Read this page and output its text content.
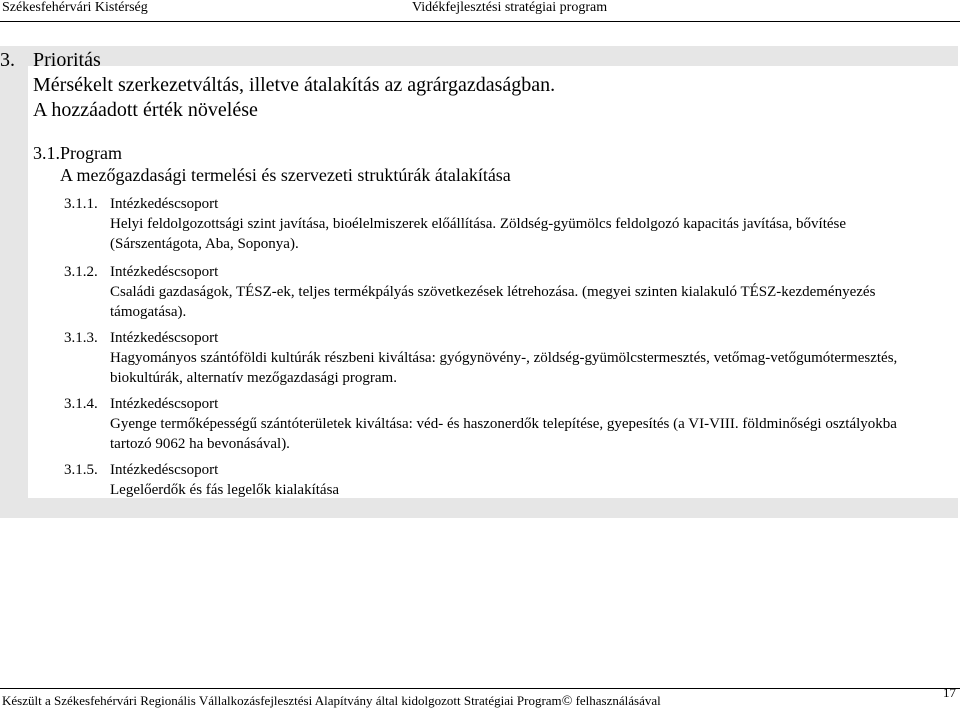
Székesfehérvári Kistérség	Vidékfejlesztési stratégiai program
3. Prioritás
Mérsékelt szerkezetváltás, illetve átalakítás az agrárgazdaságban.
A hozzáadott érték növelése
3.1.Program
A mezőgazdasági termelési és szervezeti struktúrák átalakítása
3.1.1. Intézkedéscsoport
Helyi feldolgozottsági szint javítása, bioélelmiszerek előállítása. Zöldség-gyümölcs feldolgozó kapacitás javítása, bővítése (Sárszentágota, Aba, Soponya).
3.1.2. Intézkedéscsoport
Családi gazdaságok, TÉSZ-ek, teljes termékpályás szövetkezések létrehozása. (megyei szinten kialakuló TÉSZ-kezdeményezés támogatása).
3.1.3. Intézkedéscsoport
Hagyományos szántóföldi kultúrák részbeni kiváltása: gyógynövény-, zöldség-gyümölcstermesztés, vetőmag-vetőgumótermesztés, biokultúrák, alternatív mezőgazdasági program.
3.1.4. Intézkedéscsoport
Gyenge termőképességű szántóterületek kiváltása: véd- és haszonerdők telepítése, gyepesítés (a VI-VIII. földminőségi osztályokba tartozó 9062 ha bevonásával).
3.1.5. Intézkedéscsoport
Legelőerdők és fás legelők kialakítása
Készült a Székesfehérvári Regionális Vállalkozásfejlesztési Alapítvány által kidolgozott Stratégiai Program© felhasználásával
17
